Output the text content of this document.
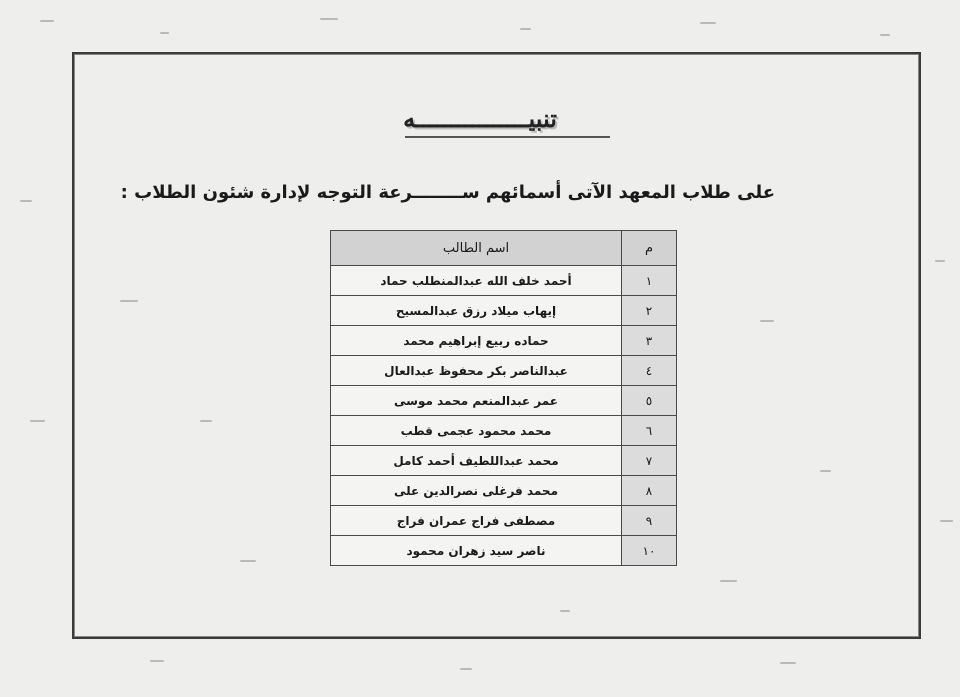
تنبيــــــــــــــــه
على طلاب المعهد الآتى أسمائهم ســــــــرعة التوجه لإدارة شئون الطلاب :
م	اسم الطالب
١	أحمد خلف الله عبدالمنطلب حماد
٢	إيهاب ميلاد رزق عبدالمسيح
٣	حماده ربيع إبراهيم محمد
٤	عبدالناصر بكر محفوظ عبدالعال
٥	عمر عبدالمنعم محمد موسى
٦	محمد محمود عجمى قطب
٧	محمد عبداللطيف أحمد كامل
٨	محمد فرغلى نصرالدين على
٩	مصطفى فراج عمران فراج
١٠	ناصر سيد زهران محمود
